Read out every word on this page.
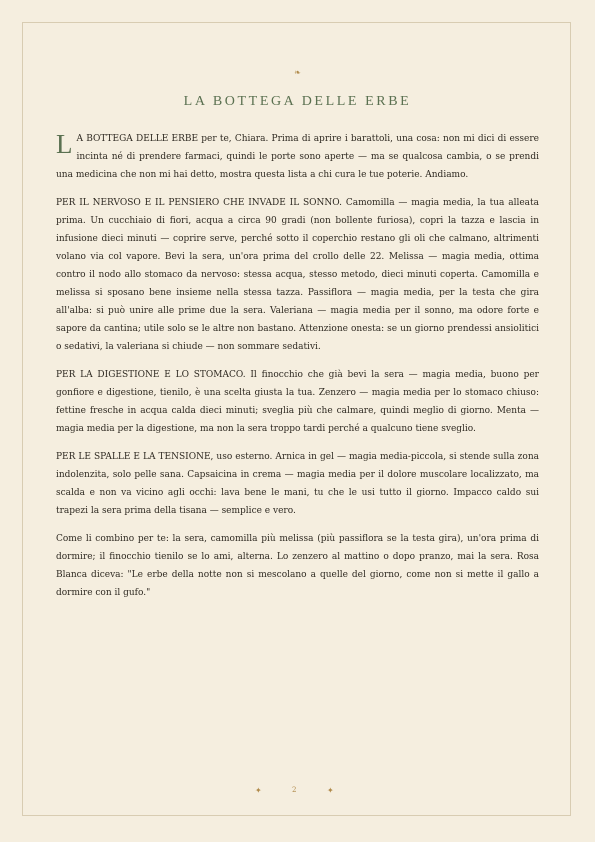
❧
LA BOTTEGA DELLE ERBE

L A BOTTEGA DELLE ERBE per te, Chiara. Prima di aprire i barattoli, una cosa: non mi dici di essere incinta né di prendere farmaci, quindi le porte sono aperte — ma se qualcosa cambia, o se prendi una medicina che non mi hai detto, mostra questa lista a chi cura le tue poterie. Andiamo.

PER IL NERVOSO E IL PENSIERO CHE INVADE IL SONNO. Camomilla — magia media, la tua alleata prima. Un cucchiaio di fiori, acqua a circa 90 gradi (non bollente furiosa), copri la tazza e lascia in infusione dieci minuti — coprire serve, perché sotto il coperchio restano gli oli che calmano, altrimenti volano via col vapore. Bevi la sera, un'ora prima del crollo delle 22. Melissa — magia media, ottima contro il nodo allo stomaco da nervoso: stessa acqua, stesso metodo, dieci minuti coperta. Camomilla e melissa si sposano bene insieme nella stessa tazza. Passiflora — magia media, per la testa che gira all'alba: si può unire alle prime due la sera. Valeriana — magia media per il sonno, ma odore forte e sapore da cantina; utile solo se le altre non bastano. Attenzione onesta: se un giorno prendessi ansiolitici o sedativi, la valeriana si chiude — non sommare sedativi.

PER LA DIGESTIONE E LO STOMACO. Il finocchio che già bevi la sera — magia media, buono per gonfiore e digestione, tienilo, è una scelta giusta la tua. Zenzero — magia media per lo stomaco chiuso: fettine fresche in acqua calda dieci minuti; sveglia più che calmare, quindi meglio di giorno. Menta — magia media per la digestione, ma non la sera troppo tardi perché a qualcuno tiene sveglio.

PER LE SPALLE E LA TENSIONE, uso esterno. Arnica in gel — magia media-piccola, si stende sulla zona indolenzita, solo pelle sana. Capsaicina in crema — magia media per il dolore muscolare localizzato, ma scalda e non va vicino agli occhi: lava bene le mani, tu che le usi tutto il giorno. Impacco caldo sui trapezi la sera prima della tisana — semplice e vero.

Come li combino per te: la sera, camomilla più melissa (più passiflora se la testa gira), un'ora prima di dormire; il finocchio tienilo se lo ami, alterna. Lo zenzero al mattino o dopo pranzo, mai la sera. Rosa Blanca diceva: "Le erbe della notte non si mescolano a quelle del giorno, come non si mette il gallo a dormire con il gufo."

✦	2	✦
